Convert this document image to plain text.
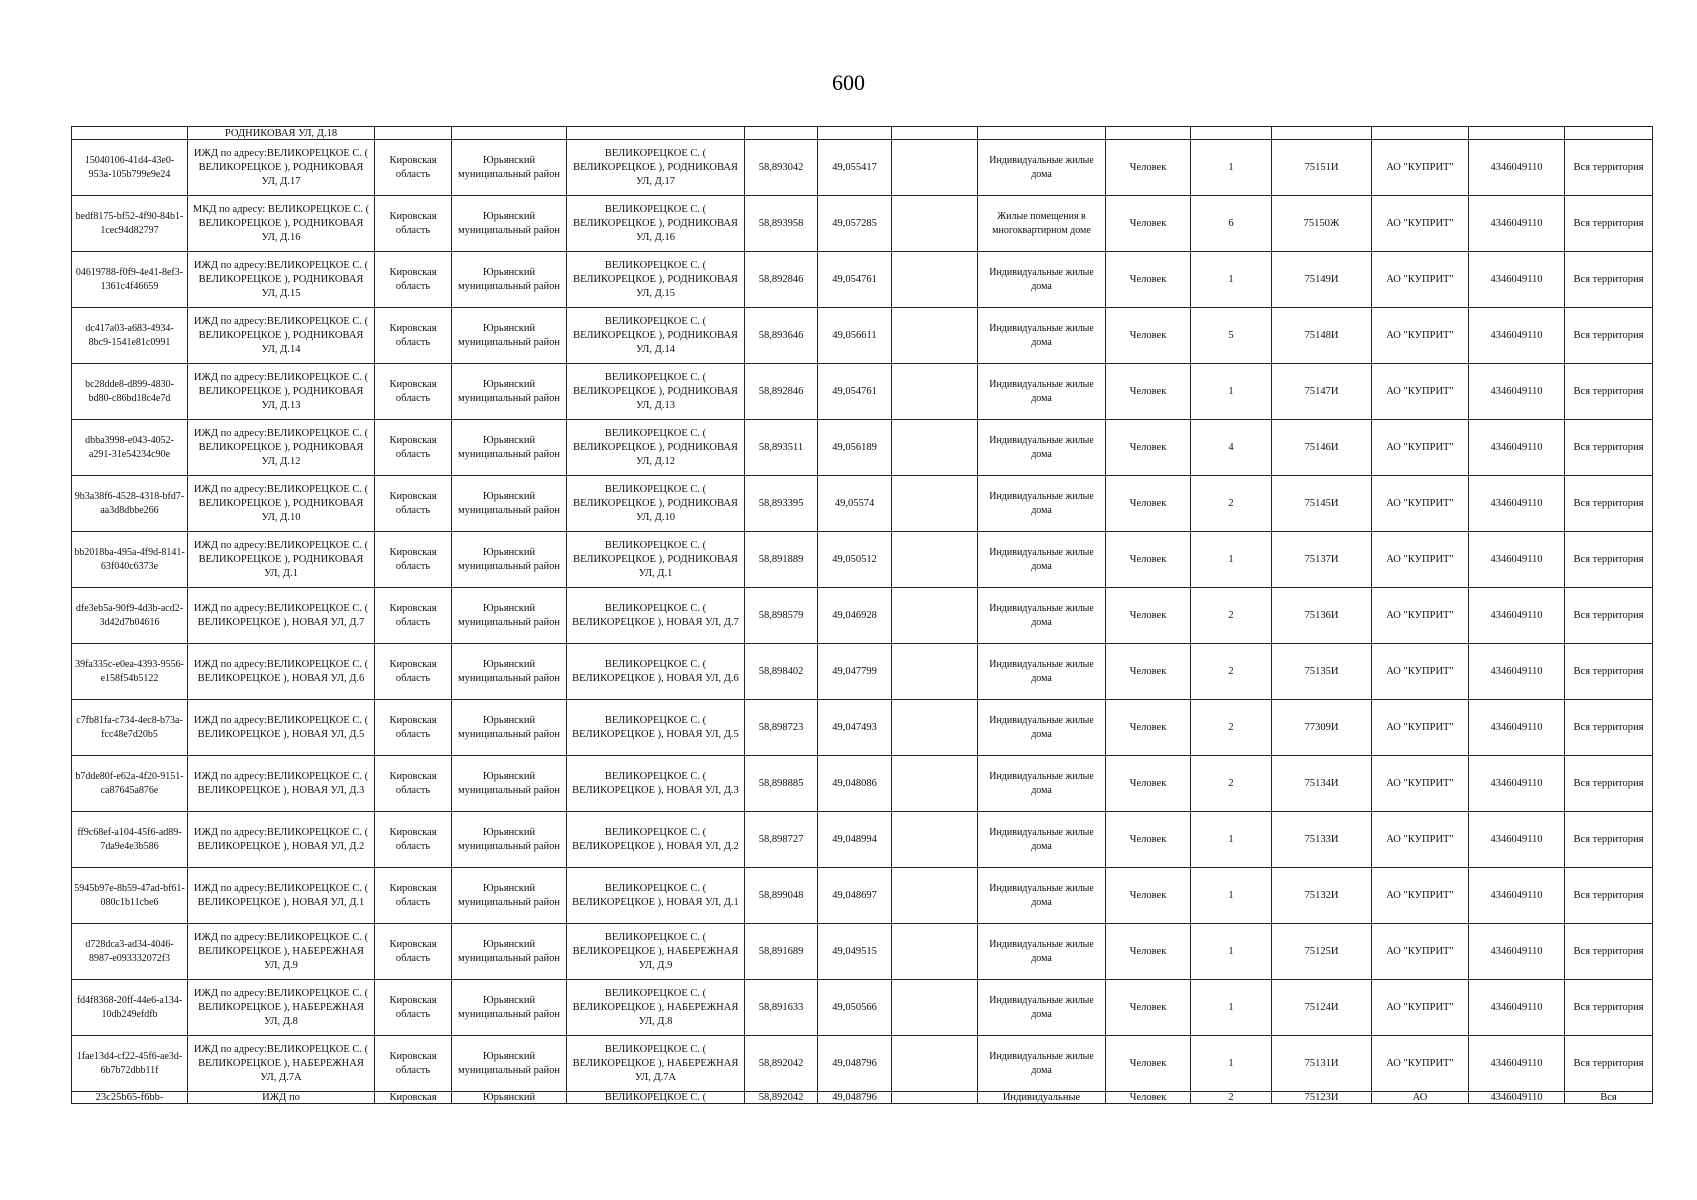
600
	РОДНИКОВАЯ УЛ, Д.18													
15040106-41d4-43e0-953a-105b799e9e24	ИЖД по адресу:ВЕЛИКОРЕЦКОЕ С. ( ВЕЛИКОРЕЦКОЕ ), РОДНИКОВАЯ УЛ, Д.17	Кировская область	Юрьянский муниципальный район	ВЕЛИКОРЕЦКОЕ С. ( ВЕЛИКОРЕЦКОЕ ), РОДНИКОВАЯ УЛ, Д.17	58,893042	49,055417		Индивидуальные жилые дома	Человек	1	75151И	АО "КУПРИТ"	4346049110	Вся территория
bedf8175-bf52-4f90-84b1-1cec94d82797	МКД по адресу: ВЕЛИКОРЕЦКОЕ С. ( ВЕЛИКОРЕЦКОЕ ), РОДНИКОВАЯ УЛ, Д.16	Кировская область	Юрьянский муниципальный район	ВЕЛИКОРЕЦКОЕ С. ( ВЕЛИКОРЕЦКОЕ ), РОДНИКОВАЯ УЛ, Д.16	58,893958	49,057285		Жилые помещения в многоквартирном доме	Человек	6	75150Ж	АО "КУПРИТ"	4346049110	Вся территория
04619788-f0f9-4e41-8ef3-1361c4f46659	ИЖД по адресу:ВЕЛИКОРЕЦКОЕ С. ( ВЕЛИКОРЕЦКОЕ ), РОДНИКОВАЯ УЛ, Д.15	Кировская область	Юрьянский муниципальный район	ВЕЛИКОРЕЦКОЕ С. ( ВЕЛИКОРЕЦКОЕ ), РОДНИКОВАЯ УЛ, Д.15	58,892846	49,054761		Индивидуальные жилые дома	Человек	1	75149И	АО "КУПРИТ"	4346049110	Вся территория
dc417a03-a683-4934-8bc9-1541e81c0991	ИЖД по адресу:ВЕЛИКОРЕЦКОЕ С. ( ВЕЛИКОРЕЦКОЕ ), РОДНИКОВАЯ УЛ, Д.14	Кировская область	Юрьянский муниципальный район	ВЕЛИКОРЕЦКОЕ С. ( ВЕЛИКОРЕЦКОЕ ), РОДНИКОВАЯ УЛ, Д.14	58,893646	49,056611		Индивидуальные жилые дома	Человек	5	75148И	АО "КУПРИТ"	4346049110	Вся территория
bc28dde8-d899-4830-bd80-c86bd18c4e7d	ИЖД по адресу:ВЕЛИКОРЕЦКОЕ С. ( ВЕЛИКОРЕЦКОЕ ), РОДНИКОВАЯ УЛ, Д.13	Кировская область	Юрьянский муниципальный район	ВЕЛИКОРЕЦКОЕ С. ( ВЕЛИКОРЕЦКОЕ ), РОДНИКОВАЯ УЛ, Д.13	58,892846	49,054761		Индивидуальные жилые дома	Человек	1	75147И	АО "КУПРИТ"	4346049110	Вся территория
dbba3998-e043-4052-a291-31e54234c90e	ИЖД по адресу:ВЕЛИКОРЕЦКОЕ С. ( ВЕЛИКОРЕЦКОЕ ), РОДНИКОВАЯ УЛ, Д.12	Кировская область	Юрьянский муниципальный район	ВЕЛИКОРЕЦКОЕ С. ( ВЕЛИКОРЕЦКОЕ ), РОДНИКОВАЯ УЛ, Д.12	58,893511	49,056189		Индивидуальные жилые дома	Человек	4	75146И	АО "КУПРИТ"	4346049110	Вся территория
9b3a38f6-4528-4318-bfd7-aa3d8dbbe266	ИЖД по адресу:ВЕЛИКОРЕЦКОЕ С. ( ВЕЛИКОРЕЦКОЕ ), РОДНИКОВАЯ УЛ, Д.10	Кировская область	Юрьянский муниципальный район	ВЕЛИКОРЕЦКОЕ С. ( ВЕЛИКОРЕЦКОЕ ), РОДНИКОВАЯ УЛ, Д.10	58,893395	49,05574		Индивидуальные жилые дома	Человек	2	75145И	АО "КУПРИТ"	4346049110	Вся территория
bb2018ba-495a-4f9d-8141-63f040c6373e	ИЖД по адресу:ВЕЛИКОРЕЦКОЕ С. ( ВЕЛИКОРЕЦКОЕ ), РОДНИКОВАЯ УЛ, Д.1	Кировская область	Юрьянский муниципальный район	ВЕЛИКОРЕЦКОЕ С. ( ВЕЛИКОРЕЦКОЕ ), РОДНИКОВАЯ УЛ, Д.1	58,891889	49,050512		Индивидуальные жилые дома	Человек	1	75137И	АО "КУПРИТ"	4346049110	Вся территория
dfe3eb5a-90f9-4d3b-acd2-3d42d7b04616	ИЖД по адресу:ВЕЛИКОРЕЦКОЕ С. ( ВЕЛИКОРЕЦКОЕ ), НОВАЯ УЛ, Д.7	Кировская область	Юрьянский муниципальный район	ВЕЛИКОРЕЦКОЕ С. ( ВЕЛИКОРЕЦКОЕ ), НОВАЯ УЛ, Д.7	58,898579	49,046928		Индивидуальные жилые дома	Человек	2	75136И	АО "КУПРИТ"	4346049110	Вся территория
39fa335c-e0ea-4393-9556-e158f54b5122	ИЖД по адресу:ВЕЛИКОРЕЦКОЕ С. ( ВЕЛИКОРЕЦКОЕ ), НОВАЯ УЛ, Д.6	Кировская область	Юрьянский муниципальный район	ВЕЛИКОРЕЦКОЕ С. ( ВЕЛИКОРЕЦКОЕ ), НОВАЯ УЛ, Д.6	58,898402	49,047799		Индивидуальные жилые дома	Человек	2	75135И	АО "КУПРИТ"	4346049110	Вся территория
c7fb81fa-c734-4ec8-b73a-fcc48e7d20b5	ИЖД по адресу:ВЕЛИКОРЕЦКОЕ С. ( ВЕЛИКОРЕЦКОЕ ), НОВАЯ УЛ, Д.5	Кировская область	Юрьянский муниципальный район	ВЕЛИКОРЕЦКОЕ С. ( ВЕЛИКОРЕЦКОЕ ), НОВАЯ УЛ, Д.5	58,898723	49,047493		Индивидуальные жилые дома	Человек	2	77309И	АО "КУПРИТ"	4346049110	Вся территория
b7dde80f-e62a-4f20-9151-ca87645a876e	ИЖД по адресу:ВЕЛИКОРЕЦКОЕ С. ( ВЕЛИКОРЕЦКОЕ ), НОВАЯ УЛ, Д.3	Кировская область	Юрьянский муниципальный район	ВЕЛИКОРЕЦКОЕ С. ( ВЕЛИКОРЕЦКОЕ ), НОВАЯ УЛ, Д.3	58,898885	49,048086		Индивидуальные жилые дома	Человек	2	75134И	АО "КУПРИТ"	4346049110	Вся территория
ff9c68ef-a104-45f6-ad89-7da9e4e3b586	ИЖД по адресу:ВЕЛИКОРЕЦКОЕ С. ( ВЕЛИКОРЕЦКОЕ ), НОВАЯ УЛ, Д.2	Кировская область	Юрьянский муниципальный район	ВЕЛИКОРЕЦКОЕ С. ( ВЕЛИКОРЕЦКОЕ ), НОВАЯ УЛ, Д.2	58,898727	49,048994		Индивидуальные жилые дома	Человек	1	75133И	АО "КУПРИТ"	4346049110	Вся территория
5945b97e-8b59-47ad-bf61-080c1b11cbe6	ИЖД по адресу:ВЕЛИКОРЕЦКОЕ С. ( ВЕЛИКОРЕЦКОЕ ), НОВАЯ УЛ, Д.1	Кировская область	Юрьянский муниципальный район	ВЕЛИКОРЕЦКОЕ С. ( ВЕЛИКОРЕЦКОЕ ), НОВАЯ УЛ, Д.1	58,899048	49,048697		Индивидуальные жилые дома	Человек	1	75132И	АО "КУПРИТ"	4346049110	Вся территория
d728dca3-ad34-4046-8987-e093332072f3	ИЖД по адресу:ВЕЛИКОРЕЦКОЕ С. ( ВЕЛИКОРЕЦКОЕ ), НАБЕРЕЖНАЯ УЛ, Д.9	Кировская область	Юрьянский муниципальный район	ВЕЛИКОРЕЦКОЕ С. ( ВЕЛИКОРЕЦКОЕ ), НАБЕРЕЖНАЯ УЛ, Д.9	58,891689	49,049515		Индивидуальные жилые дома	Человек	1	75125И	АО "КУПРИТ"	4346049110	Вся территория
fd4f8368-20ff-44e6-a134-10db249efdfb	ИЖД по адресу:ВЕЛИКОРЕЦКОЕ С. ( ВЕЛИКОРЕЦКОЕ ), НАБЕРЕЖНАЯ УЛ, Д.8	Кировская область	Юрьянский муниципальный район	ВЕЛИКОРЕЦКОЕ С. ( ВЕЛИКОРЕЦКОЕ ), НАБЕРЕЖНАЯ УЛ, Д.8	58,891633	49,050566		Индивидуальные жилые дома	Человек	1	75124И	АО "КУПРИТ"	4346049110	Вся территория
1fae13d4-cf22-45f6-ae3d-6b7b72dbb11f	ИЖД по адресу:ВЕЛИКОРЕЦКОЕ С. ( ВЕЛИКОРЕЦКОЕ ), НАБЕРЕЖНАЯ УЛ, Д.7А	Кировская область	Юрьянский муниципальный район	ВЕЛИКОРЕЦКОЕ С. ( ВЕЛИКОРЕЦКОЕ ), НАБЕРЕЖНАЯ УЛ, Д.7А	58,892042	49,048796		Индивидуальные жилые дома	Человек	1	75131И	АО "КУПРИТ"	4346049110	Вся территория
23c25b65-f6bb-	ИЖД по	Кировская	Юрьянский	ВЕЛИКОРЕЦКОЕ С. (	58,892042	49,048796		Индивидуальные	Человек	2	75123И	АО	4346049110	Вся
